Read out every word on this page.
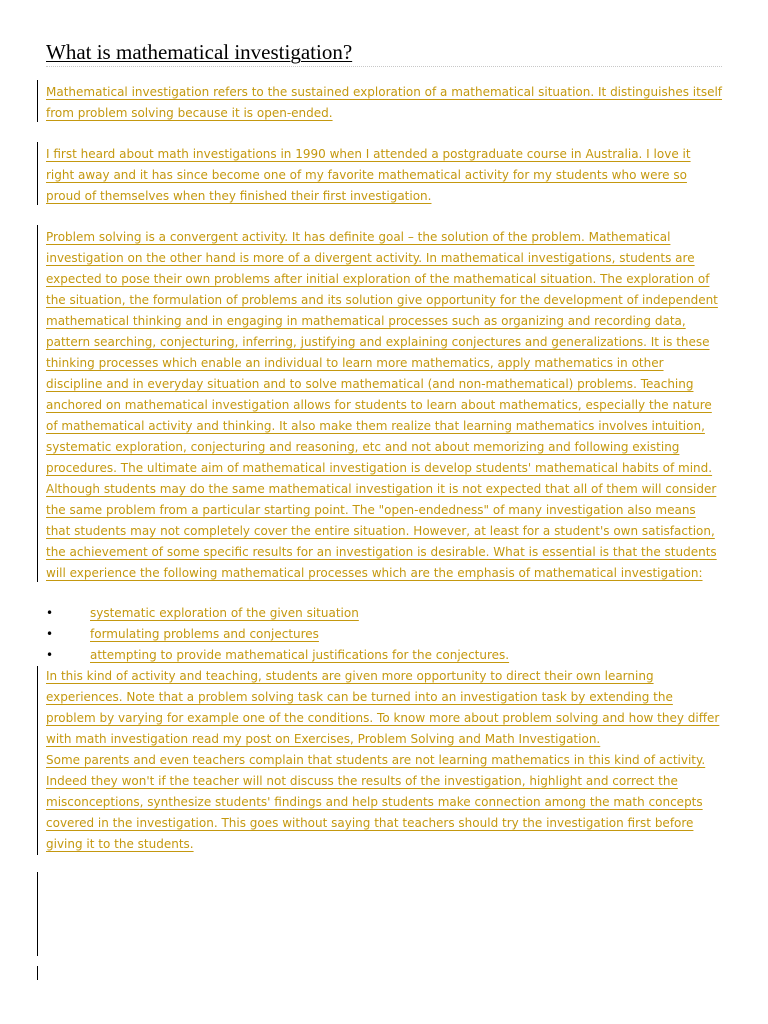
What is mathematical investigation?
Mathematical investigation refers to the sustained exploration of a mathematical situation. It distinguishes itself
from problem solving because it is open-ended.
I first heard about math investigations in 1990 when I attended a postgraduate course in Australia. I love it
right away and it has since become one of my favorite mathematical activity for my students who were so
proud of themselves when they finished their first investigation.
Problem solving is a convergent activity. It has definite goal – the solution of the problem. Mathematical
investigation on the other hand is more of a divergent activity. In mathematical investigations, students are
expected to pose their own problems after initial exploration of the mathematical situation. The exploration of
the situation, the formulation of problems and its solution give opportunity for the development of independent
mathematical thinking and in engaging in mathematical processes such as organizing and recording data,
pattern searching, conjecturing, inferring, justifying and explaining conjectures and generalizations. It is these
thinking processes which enable an individual to learn more mathematics, apply mathematics in other
discipline and in everyday situation and to solve mathematical (and non-mathematical) problems. Teaching
anchored on mathematical investigation allows for students to learn about mathematics, especially the nature
of mathematical activity and thinking. It also make them realize that learning mathematics involves intuition,
systematic exploration, conjecturing and reasoning, etc and not about memorizing and following existing
procedures. The ultimate aim of mathematical investigation is develop students' mathematical habits of mind.
Although students may do the same mathematical investigation it is not expected that all of them will consider
the same problem from a particular starting point. The "open-endedness" of many investigation also means
that students may not completely cover the entire situation. However, at least for a student's own satisfaction,
the achievement of some specific results for an investigation is desirable. What is essential is that the students
will experience the following mathematical processes which are the emphasis of mathematical investigation:
•	systematic exploration of the given situation
•	formulating problems and conjectures
•	attempting to provide mathematical justifications for the conjectures.
In this kind of activity and teaching, students are given more opportunity to direct their own learning
experiences. Note that a problem solving task can be turned into an investigation task by extending the
problem by varying for example one of the conditions. To know more about problem solving and how they differ
with math investigation read my post on Exercises, Problem Solving and Math Investigation.
Some parents and even teachers complain that students are not learning mathematics in this kind of activity.
Indeed they won't if the teacher will not discuss the results of the investigation, highlight and correct the
misconceptions, synthesize students' findings and help students make connection among the math concepts
covered in the investigation. This goes without saying that teachers should try the investigation first before
giving it to the students.
